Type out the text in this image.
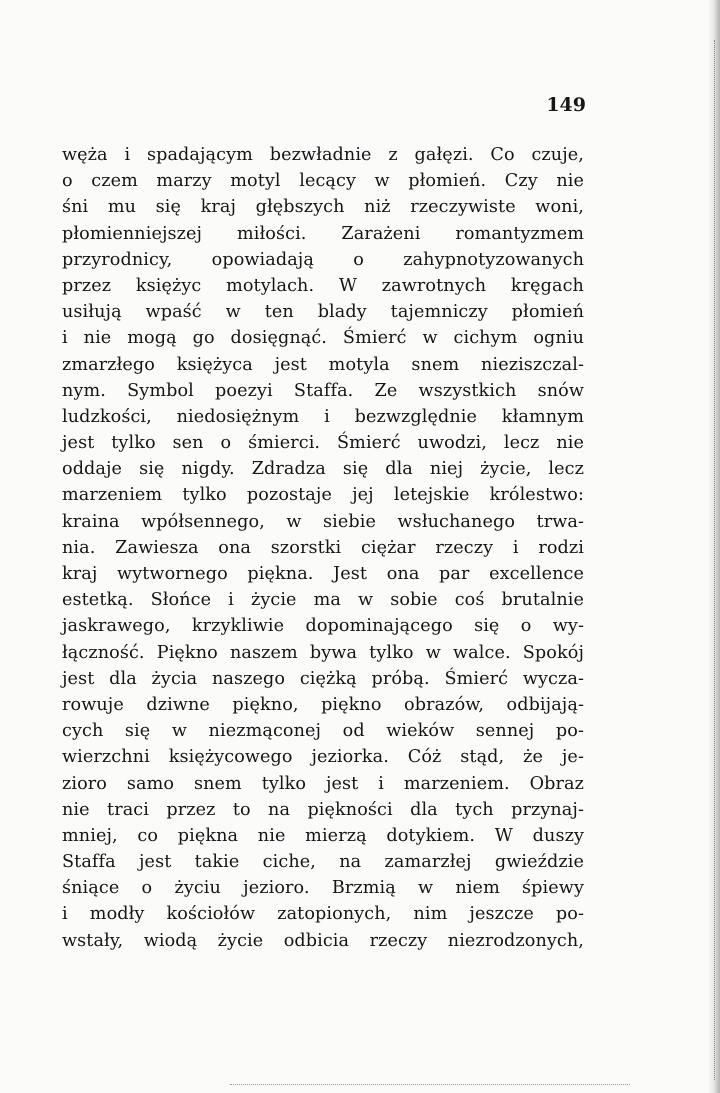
149
węża i spadającym bezwładnie z gałęzi. Co czuje,
o czem marzy motyl lecący w płomień. Czy nie
śni mu się kraj głębszych niż rzeczywiste woni,
płomienniejszej miłości. Zarażeni romantyzmem
przyrodnicy, opowiadają o zahypnotyzowanych
przez księżyc motylach. W zawrotnych kręgach
usiłują wpaść w ten blady tajemniczy płomień
i nie mogą go dosięgnąć. Śmierć w cichym ogniu
zmarzłego księżyca jest motyla snem nieziszczal-
nym. Symbol poezyi Staffa. Ze wszystkich snów
ludzkości, niedosiężnym i bezwzględnie kłamnym
jest tylko sen o śmierci. Śmierć uwodzi, lecz nie
oddaje się nigdy. Zdradza się dla niej życie, lecz
marzeniem tylko pozostaje jej letejskie królestwo:
kraina wpółsennego, w siebie wsłuchanego trwa-
nia. Zawiesza ona szorstki ciężar rzeczy i rodzi
kraj wytwornego piękna. Jest ona par excellence
estetką. Słońce i życie ma w sobie coś brutalnie
jaskrawego, krzykliwie dopominającego się o wy-
łączność. Piękno naszem bywa tylko w walce. Spokój
jest dla życia naszego ciężką próbą. Śmierć wycza-
rowuje dziwne piękno, piękno obrazów, odbijają-
cych się w niezmąconej od wieków sennej po-
wierzchni księżycowego jeziorka. Cóż stąd, że je-
zioro samo snem tylko jest i marzeniem. Obraz
nie traci przez to na piękności dla tych przynaj-
mniej, co piękna nie mierzą dotykiem. W duszy
Staffa jest takie ciche, na zamarzłej gwieździe
śniące o życiu jezioro. Brzmią w niem śpiewy
i modły kościołów zatopionych, nim jeszcze po-
wstały, wiodą życie odbicia rzeczy niezrodzonych,
